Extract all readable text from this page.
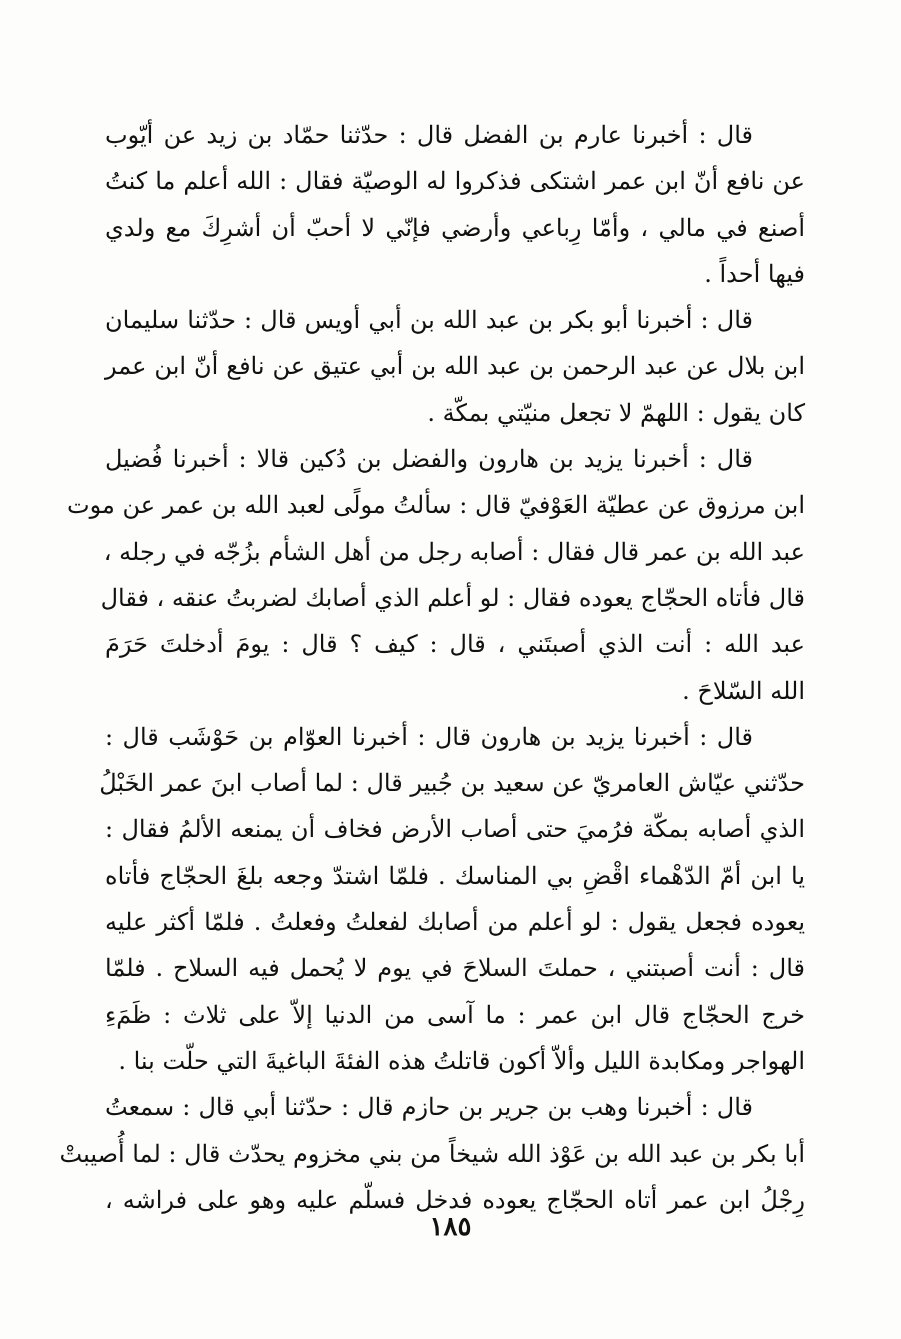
قال : أخبرنا عارم بن الفضل قال : حدّثنا حمّاد بن زيد عن أيّوب
عن نافع أنّ ابن عمر اشتكى فذكروا له الوصيّة فقال : الله أعلم ما كنتُ
أصنع في مالي ، وأمّا رِباعي وأرضي فإنّي لا أحبّ أن أشرِكَ مع ولدي
فيها أحداً .
قال : أخبرنا أبو بكر بن عبد الله بن أبي أويس قال : حدّثنا سليمان
ابن بلال عن عبد الرحمن بن عبد الله بن أبي عتيق عن نافع أنّ ابن عمر
كان يقول : اللهمّ لا تجعل منيّتي بمكّة .
قال : أخبرنا يزيد بن هارون والفضل بن دُكين قالا : أخبرنا فُضيل
ابن مرزوق عن عطيّة العَوْفيّ قال : سألتُ مولًى لعبد الله بن عمر عن موت
عبد الله بن عمر قال فقال : أصابه رجل من أهل الشأم بزُجّه في رجله ،
قال فأتاه الحجّاج يعوده فقال : لو أعلم الذي أصابك لضربتُ عنقه ، فقال
عبد الله : أنت الذي أصبتَني ، قال : كيف ؟ قال : يومَ أدخلتَ حَرَمَ
الله السّلاحَ .
قال : أخبرنا يزيد بن هارون قال : أخبرنا العوّام بن حَوْشَب قال :
حدّثني عيّاش العامريّ عن سعيد بن جُبير قال : لما أصاب ابنَ عمر الخَبْلُ
الذي أصابه بمكّة فرُميَ حتى أصاب الأرض فخاف أن يمنعه الألمُ فقال :
يا ابن أمّ الدّهْماء اقْضِ بي المناسك . فلمّا اشتدّ وجعه بلغَ الحجّاج فأتاه
يعوده فجعل يقول : لو أعلم من أصابك لفعلتُ وفعلتُ . فلمّا أكثر عليه
قال : أنت أصبتني ، حملتَ السلاحَ في يوم لا يُحمل فيه السلاح . فلمّا
خرج الحجّاج قال ابن عمر : ما آسى من الدنيا إلاّ على ثلاث : ظَمَءِ
الهواجر ومكابدة الليل وألاّ أكون قاتلتُ هذه الفئةَ الباغيةَ التي حلّت بنا .
قال : أخبرنا وهب بن جرير بن حازم قال : حدّثنا أبي قال : سمعتُ
أبا بكر بن عبد الله بن عَوْذ الله شيخاً من بني مخزوم يحدّث قال : لما أُصيبتْ
رِجْلُ ابن عمر أتاه الحجّاج يعوده فدخل فسلّم عليه وهو على فراشه ،
١٨٥
